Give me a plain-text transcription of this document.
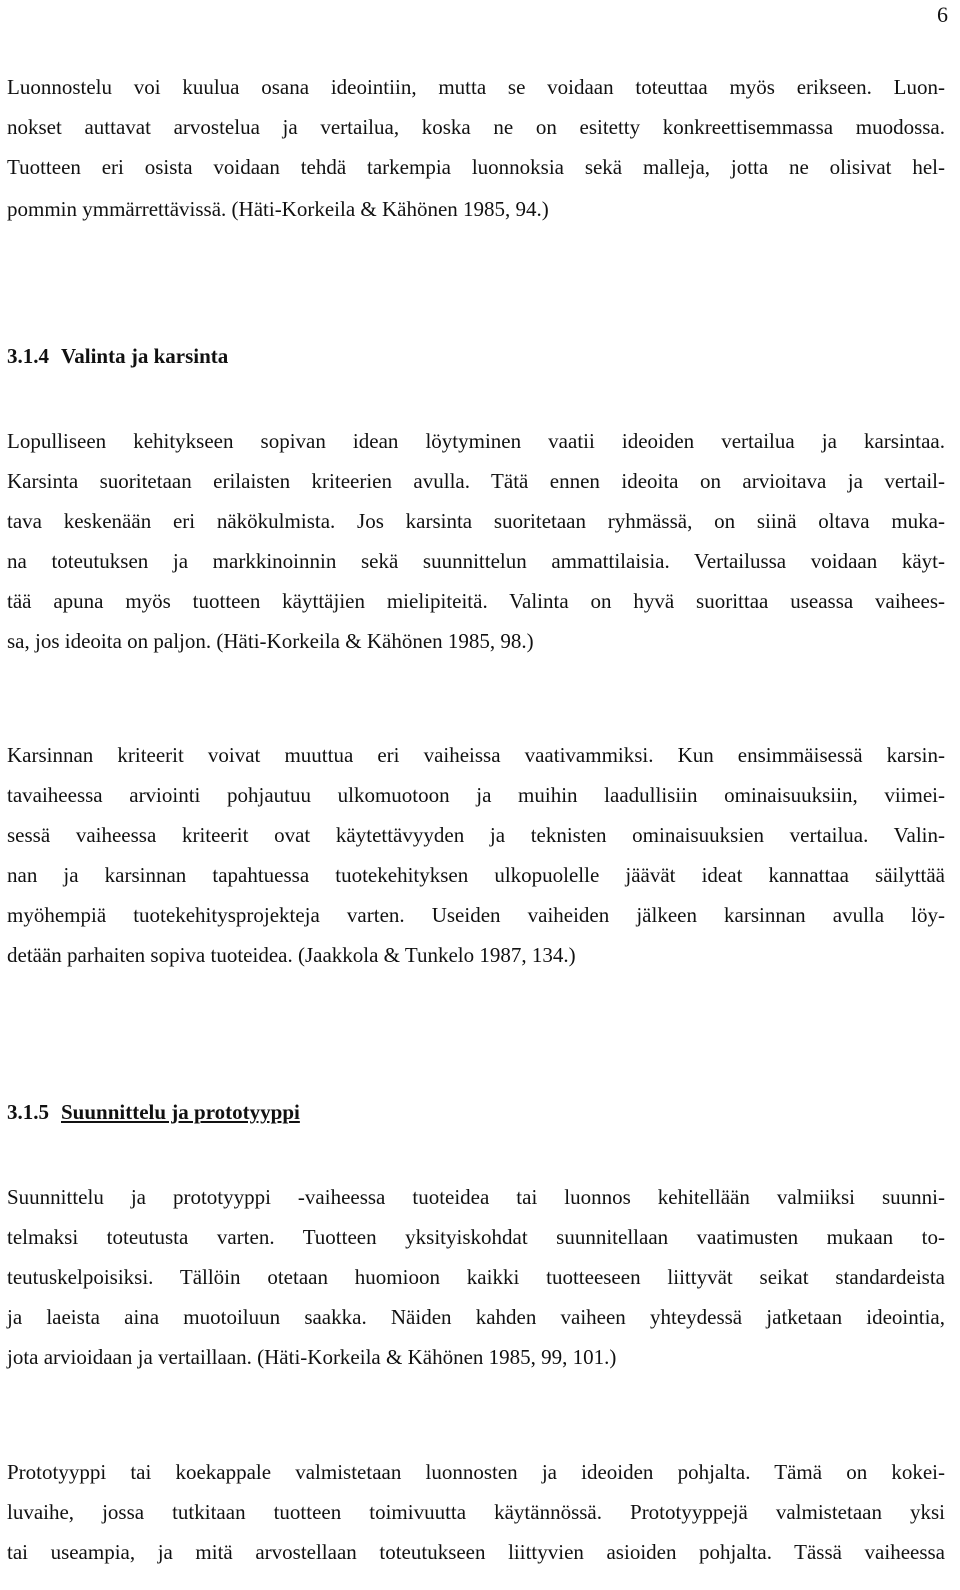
6
Luonnostelu voi kuulua osana ideointiin, mutta se voidaan toteuttaa myös erikseen. Luon-
nokset auttavat arvostelua ja vertailua, koska ne on esitetty konkreettisemmassa muodossa.
Tuotteen eri osista voidaan tehdä tarkempia luonnoksia sekä malleja, jotta ne olisivat hel-
pommin ymmärrettävissä. (Häti-Korkeila & Kähönen 1985, 94.)
3.1.4 Valinta ja karsinta
Lopulliseen kehitykseen sopivan idean löytyminen vaatii ideoiden vertailua ja karsintaa.
Karsinta suoritetaan erilaisten kriteerien avulla. Tätä ennen ideoita on arvioitava ja vertail-
tava keskenään eri näkökulmista. Jos karsinta suoritetaan ryhmässä, on siinä oltava muka-
na toteutuksen ja markkinoinnin sekä suunnittelun ammattilaisia. Vertailussa voidaan käyt-
tää apuna myös tuotteen käyttäjien mielipiteitä. Valinta on hyvä suorittaa useassa vaihees-
sa, jos ideoita on paljon. (Häti-Korkeila & Kähönen 1985, 98.)
Karsinnan kriteerit voivat muuttua eri vaiheissa vaativammiksi. Kun ensimmäisessä karsin-
tavaiheessa arviointi pohjautuu ulkomuotoon ja muihin laadullisiin ominaisuuksiin, viimei-
sessä vaiheessa kriteerit ovat käytettävyyden ja teknisten ominaisuuksien vertailua. Valin-
nan ja karsinnan tapahtuessa tuotekehityksen ulkopuolelle jäävät ideat kannattaa säilyttää
myöhempiä tuotekehitysprojekteja varten. Useiden vaiheiden jälkeen karsinnan avulla löy-
detään parhaiten sopiva tuoteidea. (Jaakkola & Tunkelo 1987, 134.)
3.1.5 Suunnittelu ja prototyyppi
Suunnittelu ja prototyyppi -vaiheessa tuoteidea tai luonnos kehitellään valmiiksi suunni-
telmaksi toteutusta varten. Tuotteen yksityiskohdat suunnitellaan vaatimusten mukaan to-
teutuskelpoisiksi. Tällöin otetaan huomioon kaikki tuotteeseen liittyvät seikat standardeista
ja laeista aina muotoiluun saakka. Näiden kahden vaiheen yhteydessä jatketaan ideointia,
jota arvioidaan ja vertaillaan. (Häti-Korkeila & Kähönen 1985, 99, 101.)
Prototyyppi tai koekappale valmistetaan luonnosten ja ideoiden pohjalta. Tämä on kokei-
luvaihe, jossa tutkitaan tuotteen toimivuutta käytännössä. Prototyyppejä valmistetaan yksi
tai useampia, ja mitä arvostellaan toteutukseen liittyvien asioiden pohjalta. Tässä vaiheessa
